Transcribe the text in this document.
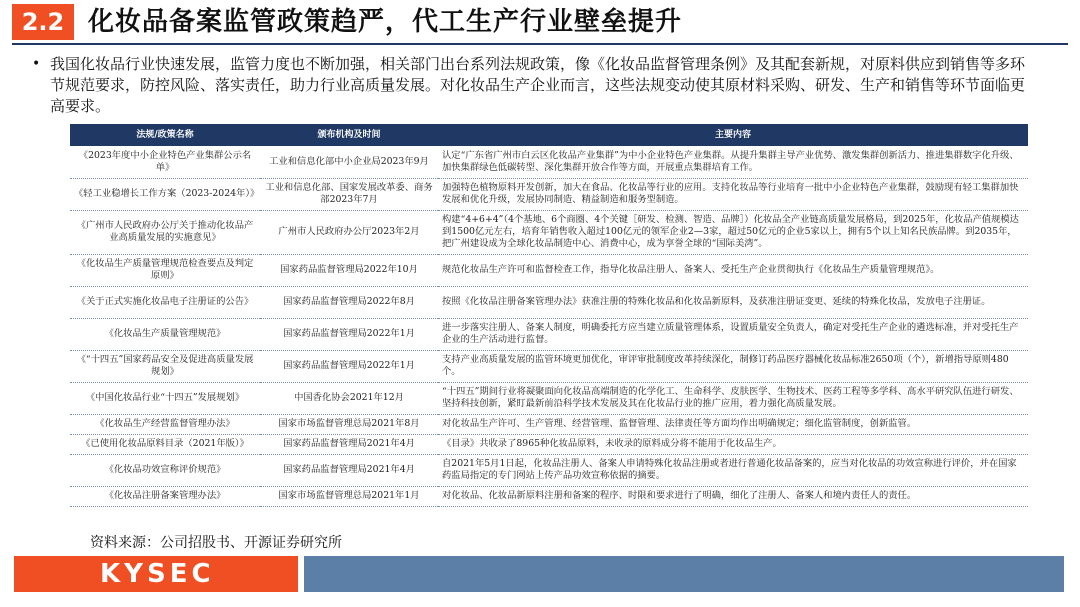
2.2 化妆品备案监管政策趋严，代工生产行业壁垒提升
• 我国化妆品行业快速发展，监管力度也不断加强，相关部门出台系列法规政策，像《化妆品监督管理条例》及其配套新规，对原料供应到销售等多环节规范要求，防控风险、落实责任，助力行业高质量发展。对化妆品生产企业而言，这些法规变动使其原材料采购、研发、生产和销售等环节面临更高要求。
法规/政策名称	颁布机构及时间	主要内容
《2023年度中小企业特色产业集群公示名单》	工业和信息化部中小企业局2023年9月	认定“广东省广州市白云区化妆品产业集群”为中小企业特色产业集群。从提升集群主导产业优势、激发集群创新活力、推进集群数字化升级、加快集群绿色低碳转型、深化集群开放合作等方面，开展重点集群培育工作。
《轻工业稳增长工作方案（2023-2024年）》	工业和信息化部、国家发展改革委、商务部2023年7月	加强特色植物原料开发创新，加大在食品、化妆品等行业的应用。支持化妆品等行业培育一批中小企业特色产业集群，鼓励现有轻工集群加快发展和优化升级，发展协同制造、精益制造和服务型制造。
《广州市人民政府办公厅关于推动化妆品产业高质量发展的实施意见》	广州市人民政府办公厅2023年2月	构建“4+6+4”（4个基地、6个商圈、4个关键［研发、检测、智造、品牌］）化妆品全产业链高质量发展格局，到2025年，化妆品产值规模达到1500亿元左右，培育年销售收入超过100亿元的领军企业2—3家，超过50亿元的企业5家以上，拥有5个以上知名民族品牌。到2035年，把广州建设成为全球化妆品制造中心、消费中心，成为享誉全球的“国际美湾”。
《化妆品生产质量管理规范检查要点及判定原则》	国家药品监督管理局2022年10月	规范化妆品生产许可和监督检查工作，指导化妆品注册人、备案人、受托生产企业贯彻执行《化妆品生产质量管理规范》。
《关于正式实施化妆品电子注册证的公告》	国家药品监督管理局2022年8月	按照《化妆品注册备案管理办法》获准注册的特殊化妆品和化妆品新原料，及获准注册证变更、延续的特殊化妆品，发放电子注册证。
《化妆品生产质量管理规范》	国家药品监督管理局2022年1月	进一步落实注册人、备案人制度，明确委托方应当建立质量管理体系，设置质量安全负责人，确定对受托生产企业的遴选标准，并对受托生产企业的生产活动进行监督。
《“十四五”国家药品安全及促进高质量发展规划》	国家药品监督管理局2022年1月	支持产业高质量发展的监管环境更加优化，审评审批制度改革持续深化，制修订药品医疗器械化妆品标准2650项（个），新增指导原则480个。
《中国化妆品行业“十四五”发展规划》	中国香化协会2021年12月	“十四五”期间行业将凝聚面向化妆品高端制造的化学化工、生命科学、皮肤医学、生物技术、医药工程等多学科、高水平研究队伍进行研发、坚持科技创新，紧盯最新前沿科学技术发展及其在化妆品行业的推广应用，着力强化高质量发展。
《化妆品生产经营监督管理办法》	国家市场监督管理总局2021年8月	对化妆品生产许可、生产管理、经营管理、监督管理、法律责任等方面均作出明确规定；细化监管制度，创新监管。
《已使用化妆品原料目录（2021年版）》	国家药品监督管理局2021年4月	《目录》共收录了8965种化妆品原料，未收录的原料成分将不能用于化妆品生产。
《化妆品功效宣称评价规范》	国家药品监督管理局2021年4月	自2021年5月1日起，化妆品注册人、备案人申请特殊化妆品注册或者进行普通化妆品备案的，应当对化妆品的功效宣称进行评价，并在国家药监局指定的专门网站上传产品功效宣称依据的摘要。
《化妆品注册备案管理办法》	国家市场监督管理总局2021年1月	对化妆品、化妆品新原料注册和备案的程序、时限和要求进行了明确，细化了注册人、备案人和境内责任人的责任。
资料来源：公司招股书、开源证券研究所
KYSEC
